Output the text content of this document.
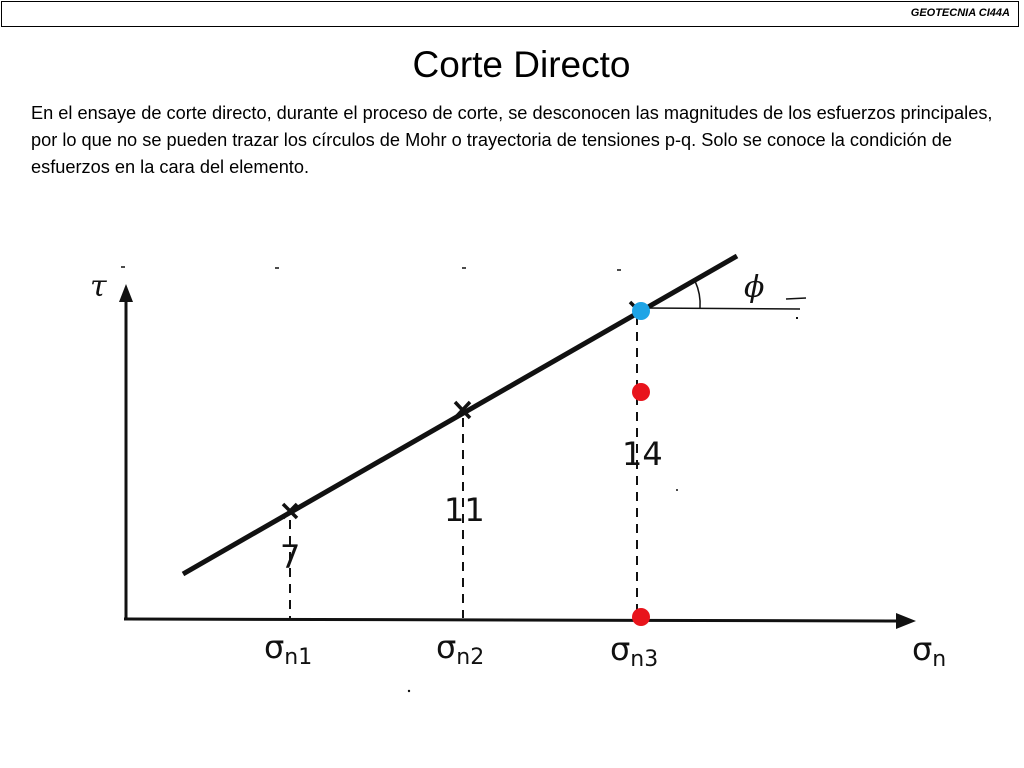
GEOTECNIA CI44A
Corte Directo
En el ensaye de corte directo, durante el proceso de corte, se desconocen las magnitudes de los esfuerzos principales, por lo que no se pueden trazar los círculos de Mohr o trayectoria de tensiones p-q. Solo se conoce la condición de esfuerzos en la cara del elemento.
τ	ϕ
σn
7
11
14
σn1	σn2	σn3
